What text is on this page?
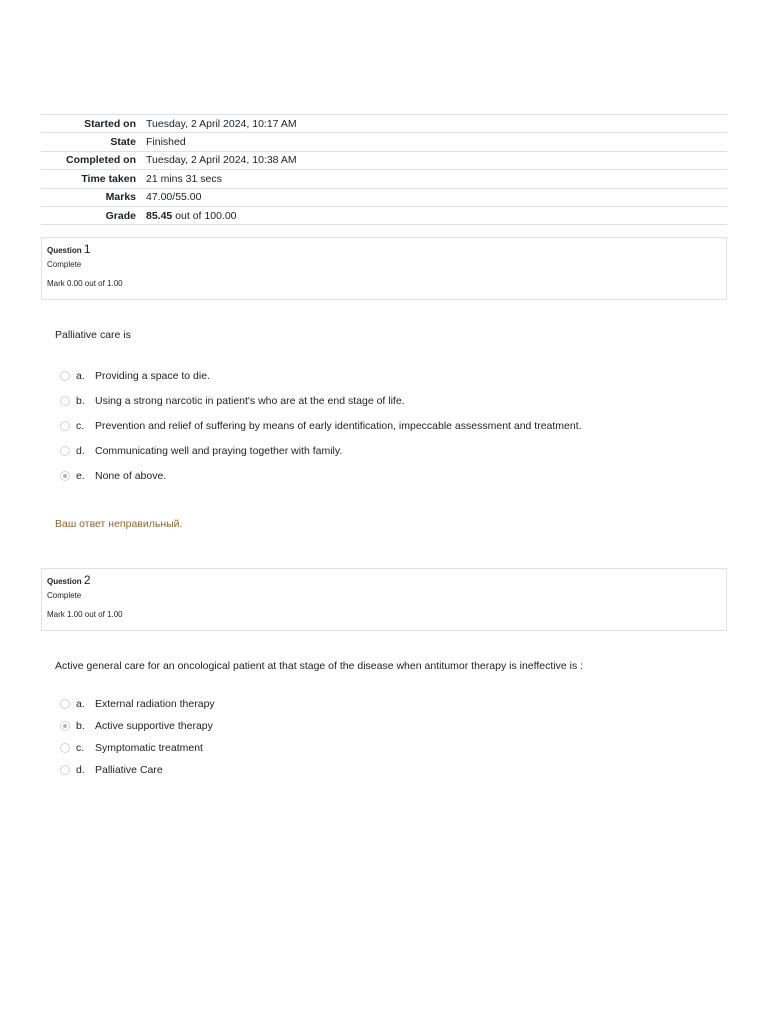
Started on	Tuesday, 2 April 2024, 10:17 AM
State	Finished
Completed on	Tuesday, 2 April 2024, 10:38 AM
Time taken	21 mins 31 secs
Marks	47.00/55.00
Grade	85.45 out of 100.00
Question 1
Complete
Mark 0.00 out of 1.00
Palliative care is
a. Providing a space to die.
b. Using a strong narcotic in patient's who are at the end stage of life.
c.	Prevention and relief of suffering by means of early identification, impeccable assessment and treatment.
d. Communicating well and praying together with family.
e. None of above.
Ваш ответ неправильный.
Question 2
Complete
Mark 1.00 out of 1.00
Active general care for an oncological patient at that stage of the disease when antitumor therapy is ineffective is :
a. External radiation therapy
b. Active supportive therapy
c.	Symptomatic treatment
d. Palliative Care
